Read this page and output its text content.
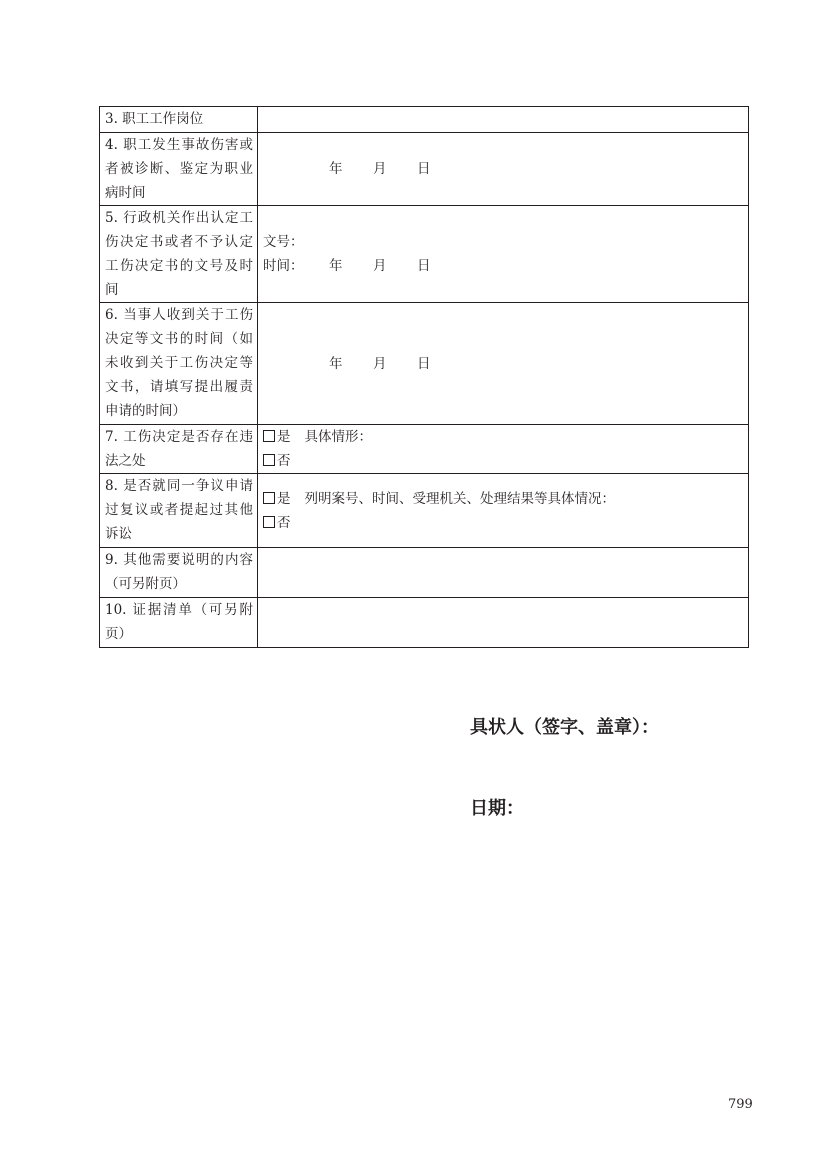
3. 职工工作岗位	
4. 职工发生事故伤害或者被诊断、鉴定为职业病时间	年 月 日

5. 行政机关作出认定工伤决定书或者不予认定工伤决定书的文号及时间	文号：
时间： 年 月 日

6. 当事人收到关于工伤决定等文书的时间（如未收到关于工伤决定等文书，请填写提出履责申请的时间）	年 月 日

7. 工伤决定是否存在违法之处	是 具体情形：
否

8. 是否就同一争议申请过复议或者提起过其他诉讼	是 列明案号、时间、受理机关、处理结果等具体情况：
否

9. 其他需要说明的内容（可另附页）	
10. 证据清单（可另附页）	

具状人（签字、盖章）：

日期：

799
